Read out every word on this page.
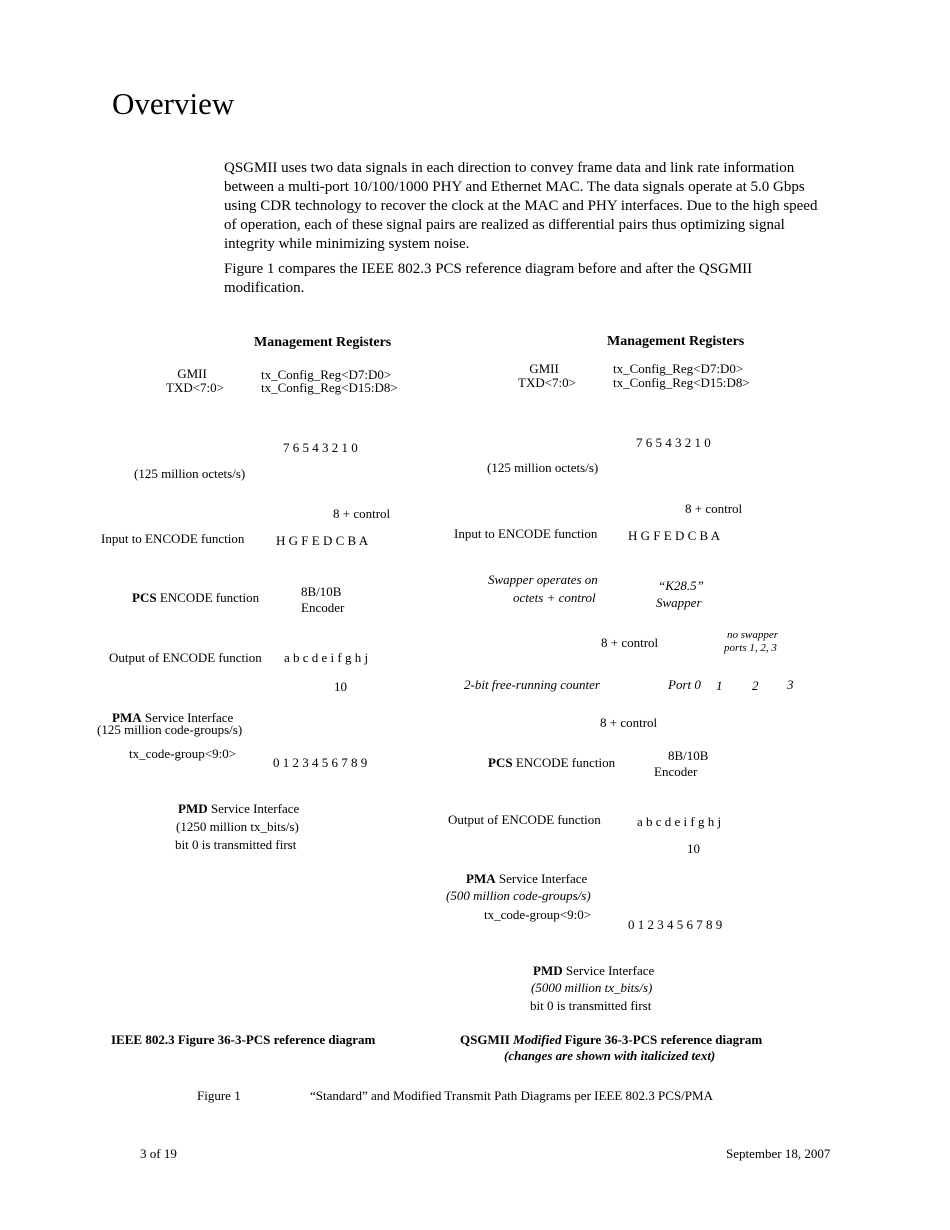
Overview

QSGMII uses two data signals in each direction to convey frame data and link rate information between a multi-port 10/100/1000 PHY and Ethernet MAC. The data signals operate at 5.0 Gbps using CDR technology to recover the clock at the MAC and PHY interfaces. Due to the high speed of operation, each of these signal pairs are realized as differential pairs thus optimizing signal integrity while minimizing system noise.

Figure 1 compares the IEEE 802.3 PCS reference diagram before and after the QSGMII modification.

Management Registers
GMII
TXD<7:0>
tx_Config_Reg<D7:D0>
tx_Config_Reg<D15:D8>
7 6 5 4 3 2 1 0
(125 million octets/s)
8 + control
Input to ENCODE function H G F E D C B A
PCS ENCODE function	8B/10B
Encoder
Output of ENCODE function a b c d e i f g h j
10
PMA Service Interface
(125 million code-groups/s)
tx_code-group<9:0>
0 1 2 3 4 5 6 7 8 9
PMD Service Interface
(1250 million tx_bits/s)
bit 0 is transmitted first
IEEE 802.3 Figure 36-3-PCS reference diagram
Management Registers
GMII
TXD<7:0>
tx_Config_Reg<D7:D0>
tx_Config_Reg<D15:D8>
7 6 5 4 3 2 1 0
(125 million octets/s)
8 + control
Input to ENCODE function H G F E D C B A
Swapper operates on
octets + control
“K28.5”
Swapper
8 + control	no swapper
ports 1, 2, 3
2-bit free-running counter	Port 0 1 2 3
8 + control
PCS ENCODE function	8B/10B
Encoder
Output of ENCODE function	a b c d e i f g h j
10
PMA Service Interface
(500 million code-groups/s)
tx_code-group<9:0>
0 1 2 3 4 5 6 7 8 9
PMD Service Interface
(5000 million tx_bits/s)
bit 0 is transmitted first
QSGMII Modified Figure 36-3-PCS reference diagram
(changes are shown with italicized text)
Figure 1	“Standard” and Modified Transmit Path Diagrams per IEEE 802.3 PCS/PMA
3 of 19	September 18, 2007
